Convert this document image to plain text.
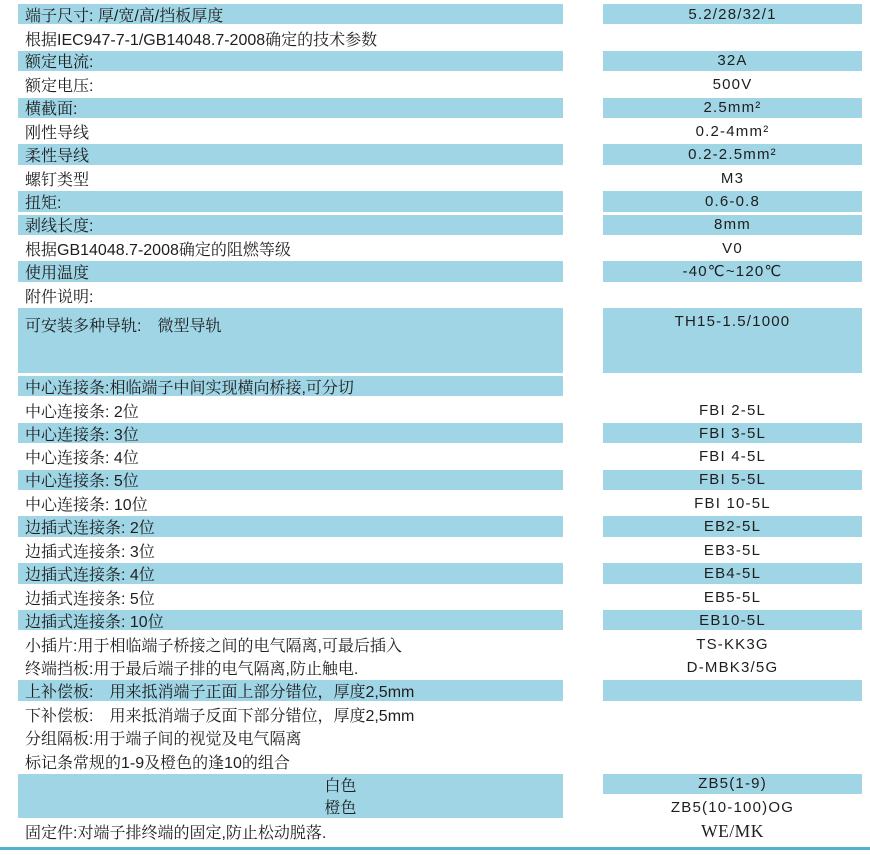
端子尺寸: 厚/宽/高/挡板厚度	5.2/28/32/1
根据IEC947-7-1/GB14048.7-2008确定的技术参数
额定电流:	32A
额定电压:	500V
横截面:	2.5mm²
刚性导线	0.2-4mm²
柔性导线	0.2-2.5mm²
螺钉类型	M3
扭矩:	0.6-0.8
剥线长度:	8mm
根据GB14048.7-2008确定的阻燃等级	V0
使用温度	-40℃~120℃
附件说明:
可安装多种导轨:　微型导轨	TH15-1.5/1000
中心连接条:相临端子中间实现横向桥接,可分切
中心连接条: 2位	FBI 2-5L
中心连接条: 3位	FBI 3-5L
中心连接条: 4位	FBI 4-5L
中心连接条: 5位	FBI 5-5L
中心连接条: 10位	FBI 10-5L
边插式连接条: 2位	EB2-5L
边插式连接条: 3位	EB3-5L
边插式连接条: 4位	EB4-5L
边插式连接条: 5位	EB5-5L
边插式连接条: 10位	EB10-5L
小插片:用于相临端子桥接之间的电气隔离,可最后插入	TS-KK3G
终端挡板:用于最后端子排的电气隔离,防止触电.	D-MBK3/5G
上补偿板:　用来抵消端子正面上部分错位，厚度2,5mm
下补偿板:　用来抵消端子反面下部分错位，厚度2,5mm
分组隔板:用于端子间的视觉及电气隔离
标记条常规的1-9及橙色的逢10的组合
白色	ZB5(1-9)
橙色	ZB5(10-100)OG
固定件:对端子排终端的固定,防止松动脱落.	WE/MK
